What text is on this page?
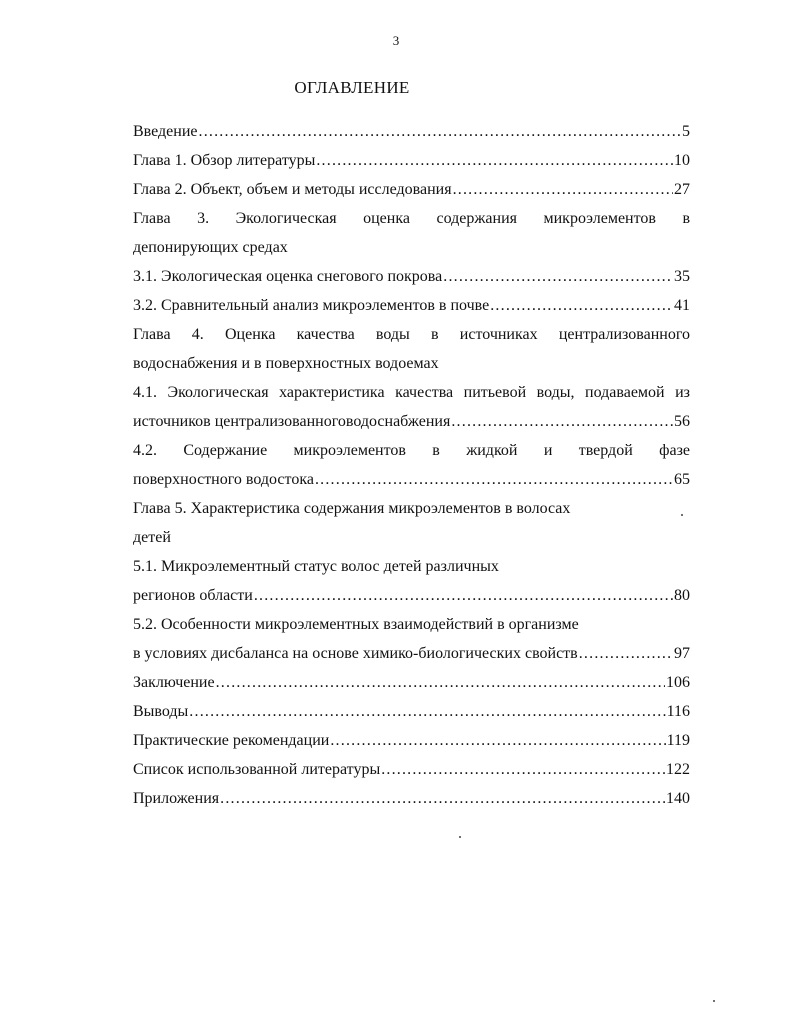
3
ОГЛАВЛЕНИЕ
Введение .....	5
Глава 1. Обзор литературы .....	10
Глава 2. Объект, объем и методы исследования .....	27
Глава 3. Экологическая оценка содержания микроэлементов в
депонирующих средах
3.1. Экологическая оценка снегового покрова .....	35
3.2. Сравнительный анализ микроэлементов в почве .....	41
Глава 4. Оценка качества воды в источниках централизованного
водоснабжения и в поверхностных водоемах
4.1. Экологическая характеристика качества питьевой воды, подаваемой из
источников централизованноговодоснабжения .....	56
4.2. Содержание микроэлементов в жидкой и твердой фазе
поверхностного водостока .....	65
Глава 5. Характеристика содержания микроэлементов в волосах
детей
5.1. Микроэлементный статус волос детей различных
регионов области .....	80
5.2. Особенности микроэлементных взаимодействий в организме
в условиях дисбаланса на основе химико-биологических свойств .....	97
Заключение .....	106
Выводы .....	116
Практические рекомендации .....	119
Список использованной литературы .....	122
Приложения .....	140
